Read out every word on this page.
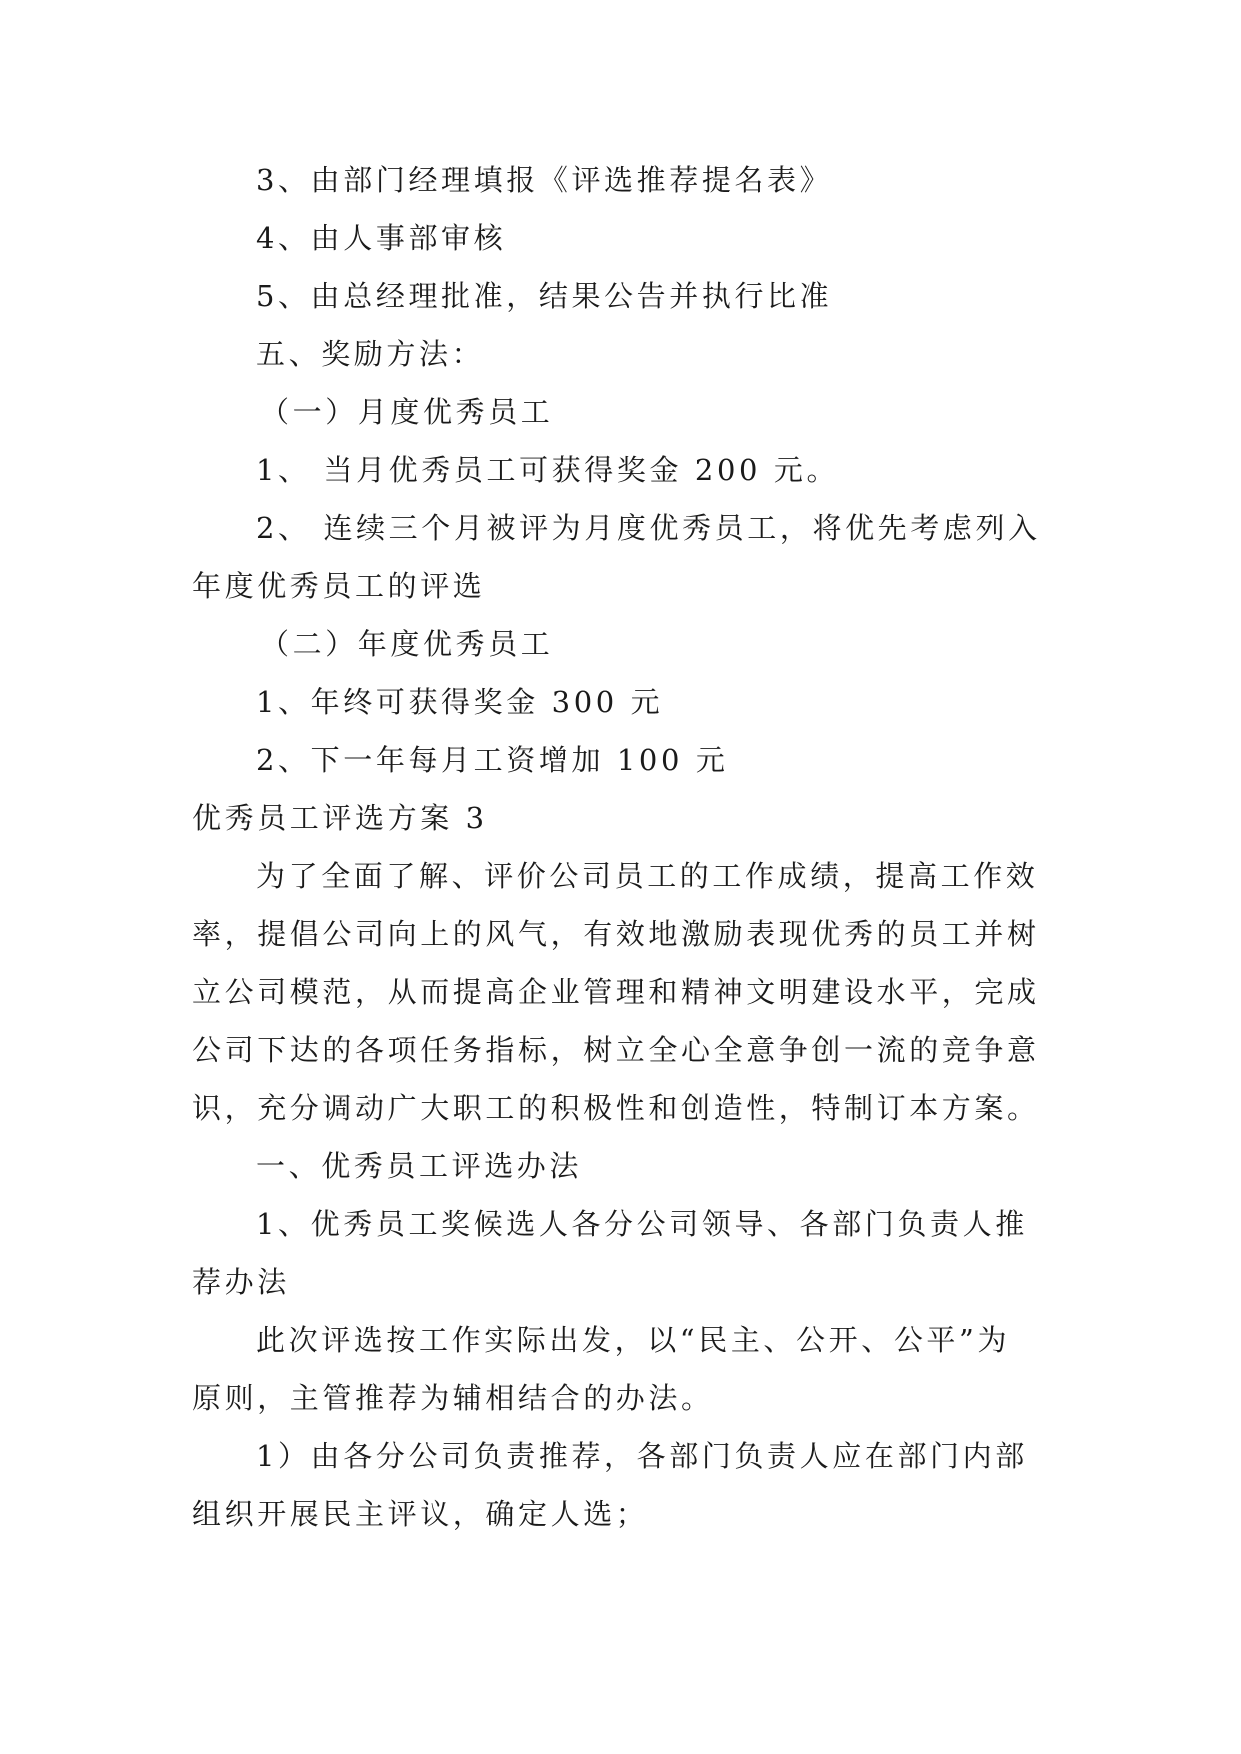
3、由部门经理填报《评选推荐提名表》
4、由人事部审核
5、由总经理批准，结果公告并执行比准
五、奖励方法：
（一）月度优秀员工
1、 当月优秀员工可获得奖金 200 元。
2、 连续三个月被评为月度优秀员工，将优先考虑列入
年度优秀员工的评选
（二）年度优秀员工
1、年终可获得奖金 300 元
2、下一年每月工资增加 100 元
优秀员工评选方案 3
为了全面了解、评价公司员工的工作成绩，提高工作效
率，提倡公司向上的风气，有效地激励表现优秀的员工并树
立公司模范，从而提高企业管理和精神文明建设水平，完成
公司下达的各项任务指标，树立全心全意争创一流的竞争意
识，充分调动广大职工的积极性和创造性，特制订本方案。
一、优秀员工评选办法
1、优秀员工奖候选人各分公司领导、各部门负责人推
荐办法
此次评选按工作实际出发，以“民主、公开、公平”为
原则，主管推荐为辅相结合的办法。
1）由各分公司负责推荐，各部门负责人应在部门内部
组织开展民主评议，确定人选；
